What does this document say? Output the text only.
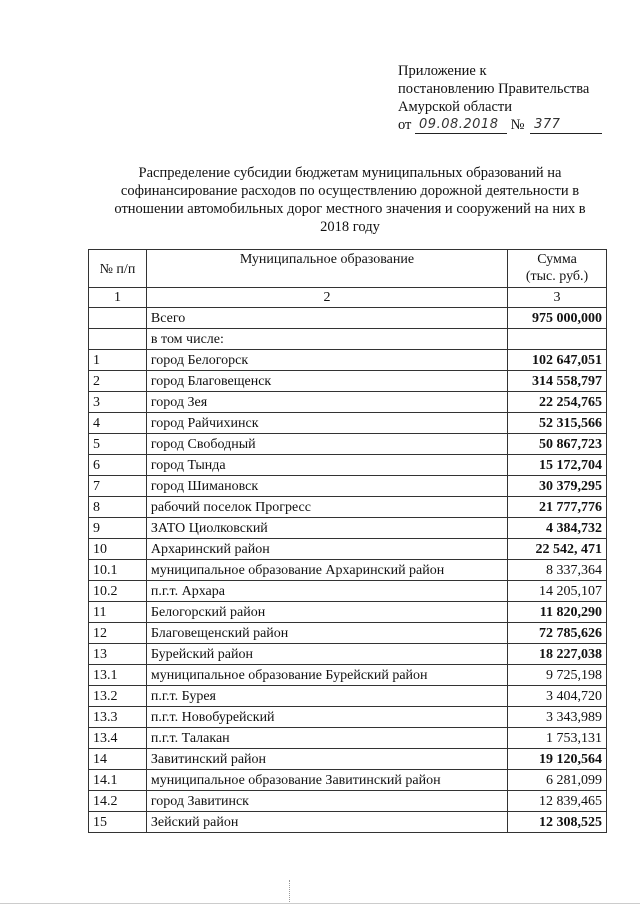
Приложение к
постановлению Правительства
Амурской области
от 09.08.2018 № 377
Распределение субсидии бюджетам муниципальных образований на
софинансирование расходов по осуществлению дорожной деятельности в
отношении автомобильных дорог местного значения и сооружений на них в
2018 году
№ п/п	Муниципальное образование	Сумма
(тыс. руб.)

1	2	3
	Всего	975 000,000
	в том числе:	
1	город Белогорск	102 647,051
2	город Благовещенск	314 558,797
3	город Зея	22 254,765
4	город Райчихинск	52 315,566
5	город Свободный	50 867,723
6	город Тында	15 172,704
7	город Шимановск	30 379,295
8	рабочий поселок Прогресс	21 777,776
9	ЗАТО Циолковский	4 384,732
10	Архаринский район	22 542, 471
10.1	муниципальное образование Архаринский район	8 337,364
10.2	п.г.т. Архара	14 205,107
11	Белогорский район	11 820,290
12	Благовещенский район	72 785,626
13	Бурейский район	18 227,038
13.1	муниципальное образование Бурейский район	9 725,198
13.2	п.г.т. Бурея	3 404,720
13.3	п.г.т. Новобурейский	3 343,989
13.4	п.г.т. Талакан	1 753,131
14	Завитинский район	19 120,564
14.1	муниципальное образование Завитинский район	6 281,099
14.2	город Завитинск	12 839,465
15	Зейский район	12 308,525
